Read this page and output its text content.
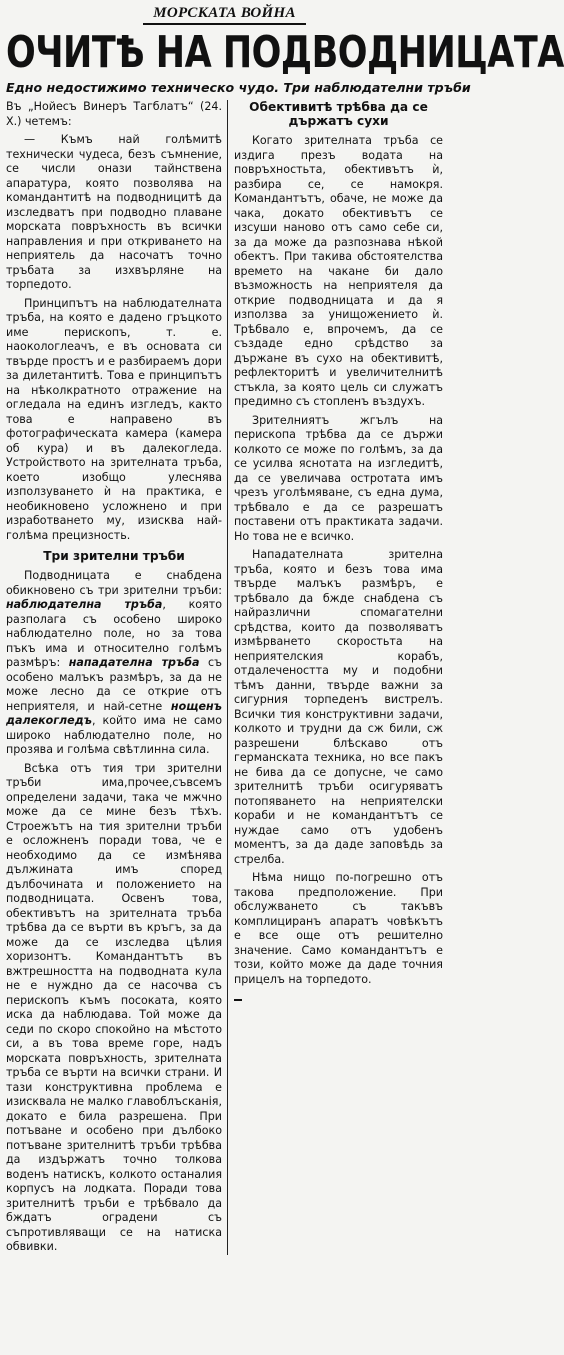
МОРСКАТА ВОЙНА
ОЧИТѢ НА ПОДВОДНИЦАТА
Едно недостижимо техническо чудо. Три наблюдателни тръби

Въ „Нойесъ Винеръ Тагблатъ“ (24. Х.) четемъ:

— Къмъ най голѣмитѣ технически чудеса, безъ съмнение, се числи онази тайнствена апаратура, която позволява на командантитѣ на подводницитѣ да изследватъ при подводно плаване морската повръхность въ всички направления и при откриването на неприятель да насочатъ точно тръбата за изхвърляне на торпедото.

Принципътъ на наблюдателната тръба, на която е дадено гръцкото име перископъ, т. е. наокологлеачъ, е въ основата си твърде простъ и е разбираемъ дори за дилетантитѣ. Това е принципътъ на нѣколкратното отражение на огледала на единъ изгледъ, както това е направено въ фотографическата камера (камера об кура) и въ далекогледа. Устройството на зрителната тръба, което изобщо улеснява използуването ѝ на практика, е необикновено усложнено и при изработването му, изисква най-голѣма прецизность.

Три зрителни тръби

Подводницата е снабдена обикновено съ три зрителни тръби: наблюдателна тръба, която разполага съ особено широко наблюдателно поле, но за това пъкъ има и относително голѣмъ размѣръ: нападателна тръба съ особено малъкъ размѣръ, за да не може лесно да се открие отъ неприятеля, и най-сетне нощенъ далекогледъ, който има не само широко наблюдателно поле, но прозява и голѣма свѣтлинна сила.

Всѣка отъ тия три зрителни тръби има,прочее,съвсемъ определени задачи, така че мжчно може да се мине безъ тѣхъ. Строежътъ на тия зрителни тръби е осложненъ поради това, че е необходимо да се измѣнява дължината имъ според дълбочината и положението на подводницата. Освенъ това, обективътъ на зрителната тръба трѣбва да се върти въ кръгъ, за да може да се изследва цѣлия хоризонтъ. Командантътъ въ вжтрешността на подводната кула не е нуждно да се насочва съ перископъ къмъ посоката, която иска да наблюдава. Той може да седи по скоро спокойно на мѣстото си, а въ това време горе, надъ морската повръхность, зрителната тръба се върти на всички страни. И тази конструктивна проблема е изисквала не малко главоблъсканія, докато е била разрешена. При потъване и особено при дълбоко потъване зрителнитѣ тръби трѣбва да издържатъ точно толкова воденъ натискъ, колкото останалия корпусъ на лодката. Поради това зрителнитѣ тръби е трѣбвало да бждатъ оградени съ съпротивляващи се на натиска обвивки.

Обективитѣ трѣбва да се държатъ сухи

Когато зрителната тръба се издига презъ водата на повръхностьта, обективътъ ѝ, разбира се, се намокря. Командантътъ, обаче, не може да чака, докато обективътъ се изсуши наново отъ само себе си, за да може да разпознава нѣкой обектъ. При такива обстоятелства времето на чакане би дало възможность на неприятеля да открие подводницата и да я използва за унищожението ѝ. Трѣбвало е, впрочемъ, да се създаде едно срѣдство за държане въ сухо на обективитѣ, рефлекторитѣ и увеличителнитѣ стъкла, за която цель си служатъ предимно съ стопленъ въздухъ.

Зрителниятъ жгълъ на перископа трѣбва да се държи колкото се може по голѣмъ, за да се усилва яснотата на изгледитѣ, да се увеличава остротата имъ чрезъ уголѣмяване, съ една дума, трѣбвало е да се разрешатъ поставени отъ практиката задачи. Но това не е всичко.

Нападателната зрителна тръба, която и безъ това има твърде малъкъ размѣръ, е трѣбвало да бжде снабдена съ найразлични спомагателни срѣдства, които да позволяватъ измѣрването скоростьта на неприятелския корабъ, отдалечеността му и подобни тѣмъ данни, твърде важни за сигурния торпеденъ вистрелъ. Всички тия конструктивни задачи, колкото и трудни да сж били, сж разрешени блѣскаво отъ германската техника, но все пакъ не бива да се допусне, че само зрителнитѣ тръби осигуряватъ потопяването на неприятелски кораби и не командантътъ се нуждае само отъ удобенъ моментъ, за да даде заповѣдь за стрелба.

Нѣма нищо по-погрешно отъ такова предположение. При обслужването съ такъвъ комплициранъ апаратъ човѣкътъ е все още отъ решително значение. Само командантътъ е този, който може да даде точния прицелъ на торпедото.
